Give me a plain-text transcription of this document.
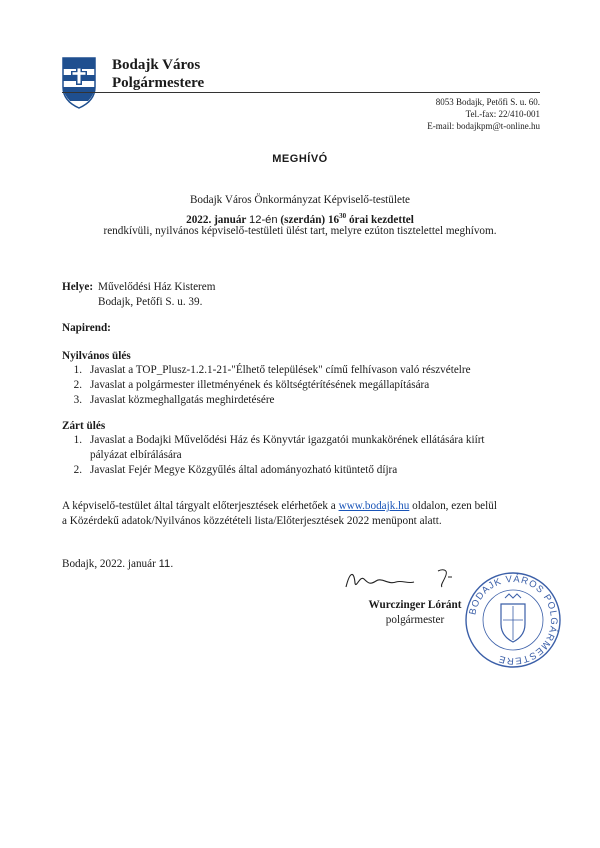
Bodajk Város
Polgármestere
8053 Bodajk, Petőfi S. u. 60.
Tel.-fax: 22/410-001
E-mail: bodajkpm@t-online.hu
MEGHÍVÓ
Bodajk Város Önkormányzat Képviselő-testülete
2022. január 12-én (szerdán) $16^{30}$ órai kezdettel
rendkívüli, nyilvános képviselő-testületi ülést tart, melyre ezúton tisztelettel meghívom.
Helye: Művelődési Ház Kisterem
Bodajk, Petőfi S. u. 39.
Napirend:
Nyilvános ülés
1. Javaslat a TOP_Plusz-1.2.1-21-"Élhető települések" című felhívason való részvételre
2. Javaslat a polgármester illetményének és költségtérítésének megállapítására
3. Javaslat közmeghallgatás meghirdetésére
Zárt ülés
1. Javaslat a Bodajki Művelődési Ház és Könyvtár igazgatói munkakörének ellátására kiírt
pályázat elbírálására
2. Javaslat Fejér Megye Közgyűlés által adományozható kitüntető díjra
A képviselő-testület által tárgyalt előterjesztések elérhetőek a www.bodajk.hu oldalon, ezen belül
a Közérdekű adatok/Nyilvános közzétételi lista/Előterjesztések 2022 menüpont alatt.
Bodajk, 2022. január 11.
Wurczinger Lóránt
polgármester
BODAJK VÁROS POLGÁRMESTERE
